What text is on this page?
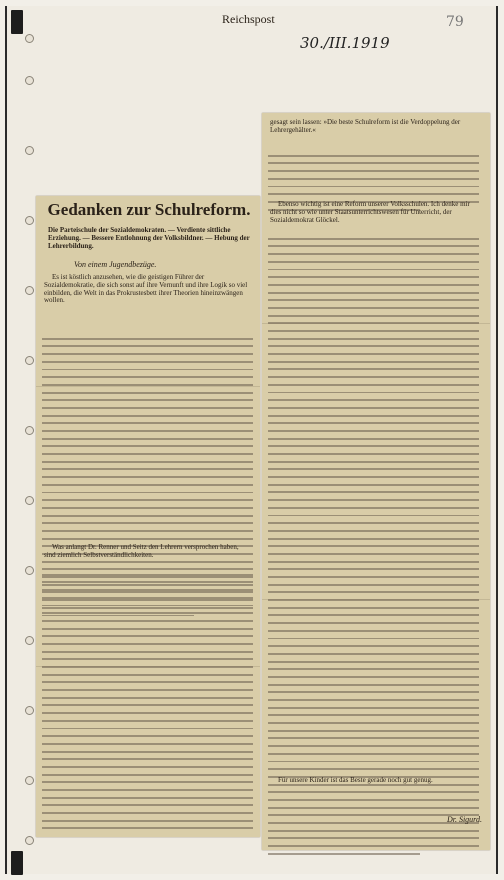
Reichspost
30./III.1919
79
Gedanken zur Schulreform.
Die Parteischule der Sozialdemokraten. — Verdiente sittliche Erziehung. — Bessere Entlohnung der Volksbildner. — Hebung der Lehrerbildung.
Von einem Jugendbezüge.
Es ist köstlich anzusehen, wie die geistigen Führer der Sozialdemokratie, die sich sonst auf ihre Vernunft und ihre Logik so viel einbilden, die Welt in das Prokrustesbett ihrer Theorien hineinzwängen wollen.
Was anlangt Dr. Renner und Seitz den Lehrern versprochen haben, sind ziemlich Selbstverständlichkeiten.
gesagt sein lassen: »Die beste Schulreform ist die Verdoppelung der Lehrergehälter.«
Ebenso wichtig ist eine Reform unserer Volksschulen. Ich denke mir dies nicht so wie unter Staatsunterrichtswesen für Unterricht, der Sozialdemokrat Glöckel.
Für unsere Kinder ist das Beste gerade noch gut genug.
Dr. Sigurd.
